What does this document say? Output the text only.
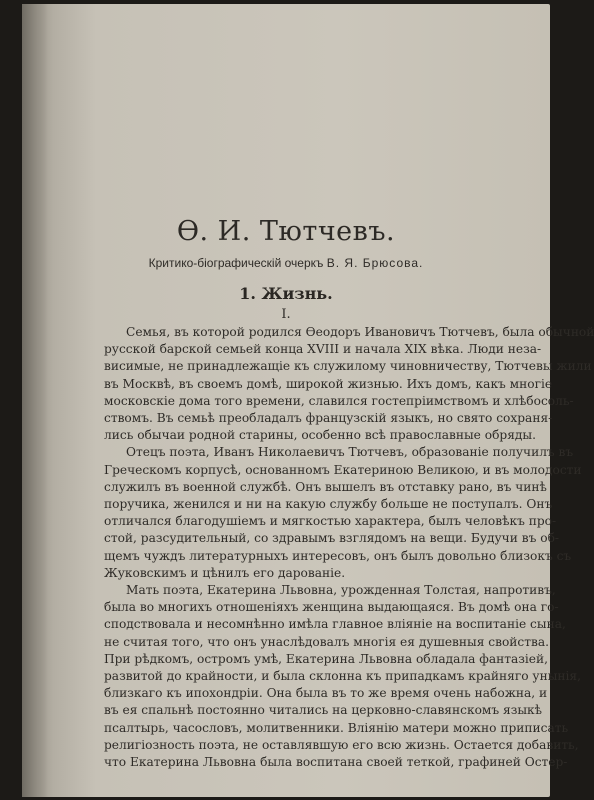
Ѳ. И. Тютчевъ.
Критико-біографическій очеркъ В. Я. Брюсова.
1. Жизнь.
I.
Семья, въ которой родился Ѳеодоръ Ивановичъ Тютчевъ, была обычной
русской барской семьей конца XVIII и начала XIX вѣка. Люди неза-
висимые, не принадлежащіе къ служилому чиновничеству, Тютчевы жили
въ Москвѣ, въ своемъ домѣ, широкой жизнью. Ихъ домъ, какъ многіе
московскіе дома того времени, славился гостепріимствомъ и хлѣбосоль-
ствомъ. Въ семьѣ преобладалъ французскій языкъ, но свято сохраня-
лись обычаи родной старины, особенно всѣ православные обряды.
Отецъ поэта, Иванъ Николаевичъ Тютчевъ, образованіе получилъ въ
Греческомъ корпусѣ, основанномъ Екатериною Великою, и въ молодости
служилъ въ военной службѣ. Онъ вышелъ въ отставку рано, въ чинѣ
поручика, женился и ни на какую службу больше не поступалъ. Онъ
отличался благодушіемъ и мягкостью характера, былъ человѣкъ про-
стой, разсудительный, со здравымъ взглядомъ на вещи. Будучи въ об-
щемъ чуждъ литературныхъ интересовъ, онъ былъ довольно близокъ съ
Жуковскимъ и цѣнилъ его дарованіе.
Мать поэта, Екатерина Львовна, урожденная Толстая, напротивъ,
была во многихъ отношеніяхъ женщина выдающаяся. Въ домѣ она го-
сподствовала и несомнѣнно имѣла главное вліяніе на воспитаніе сына,
не считая того, что онъ унаслѣдовалъ многія ея душевныя свойства.
При рѣдкомъ, остромъ умѣ, Екатерина Львовна обладала фантазіей,
развитой до крайности, и была склонна къ припадкамъ крайняго унынія,
близкаго къ ипохондріи. Она была въ то же время очень набожна, и
въ ея спальнѣ постоянно читались на церковно-славянскомъ языкѣ
псалтырь, часословъ, молитвенники. Вліянію матери можно приписать
религіозность поэта, не оставлявшую его всю жизнь. Остается добавить,
что Екатерина Львовна была воспитана своей теткой, графиней Остер-
